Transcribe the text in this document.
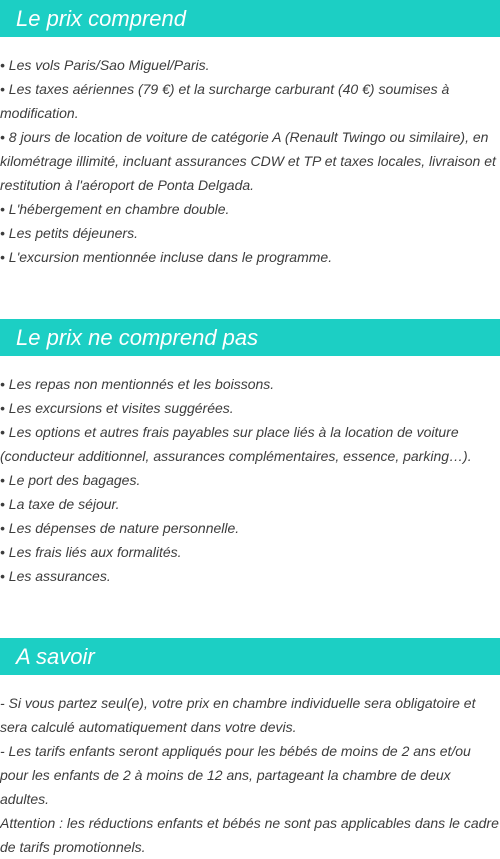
Le prix comprend
• Les vols Paris/Sao Miguel/Paris.
• Les taxes aériennes (79 €) et la surcharge carburant (40 €) soumises à modification.
• 8 jours de location de voiture de catégorie A (Renault Twingo ou similaire), en kilométrage illimité, incluant assurances CDW et TP et taxes locales, livraison et restitution à l'aéroport de Ponta Delgada.
• L'hébergement en chambre double.
• Les petits déjeuners.
• L'excursion mentionnée incluse dans le programme.
Le prix ne comprend pas
• Les repas non mentionnés et les boissons.
• Les excursions et visites suggérées.
• Les options et autres frais payables sur place liés à la location de voiture (conducteur additionnel, assurances complémentaires, essence, parking…).
• Le port des bagages.
• La taxe de séjour.
• Les dépenses de nature personnelle.
• Les frais liés aux formalités.
• Les assurances.
A savoir
- Si vous partez seul(e), votre prix en chambre individuelle sera obligatoire et sera calculé automatiquement dans votre devis.
- Les tarifs enfants seront appliqués pour les bébés de moins de 2 ans et/ou pour les enfants de 2 à moins de 12 ans, partageant la chambre de deux adultes.
Attention : les réductions enfants et bébés ne sont pas applicables dans le cadre de tarifs promotionnels.
